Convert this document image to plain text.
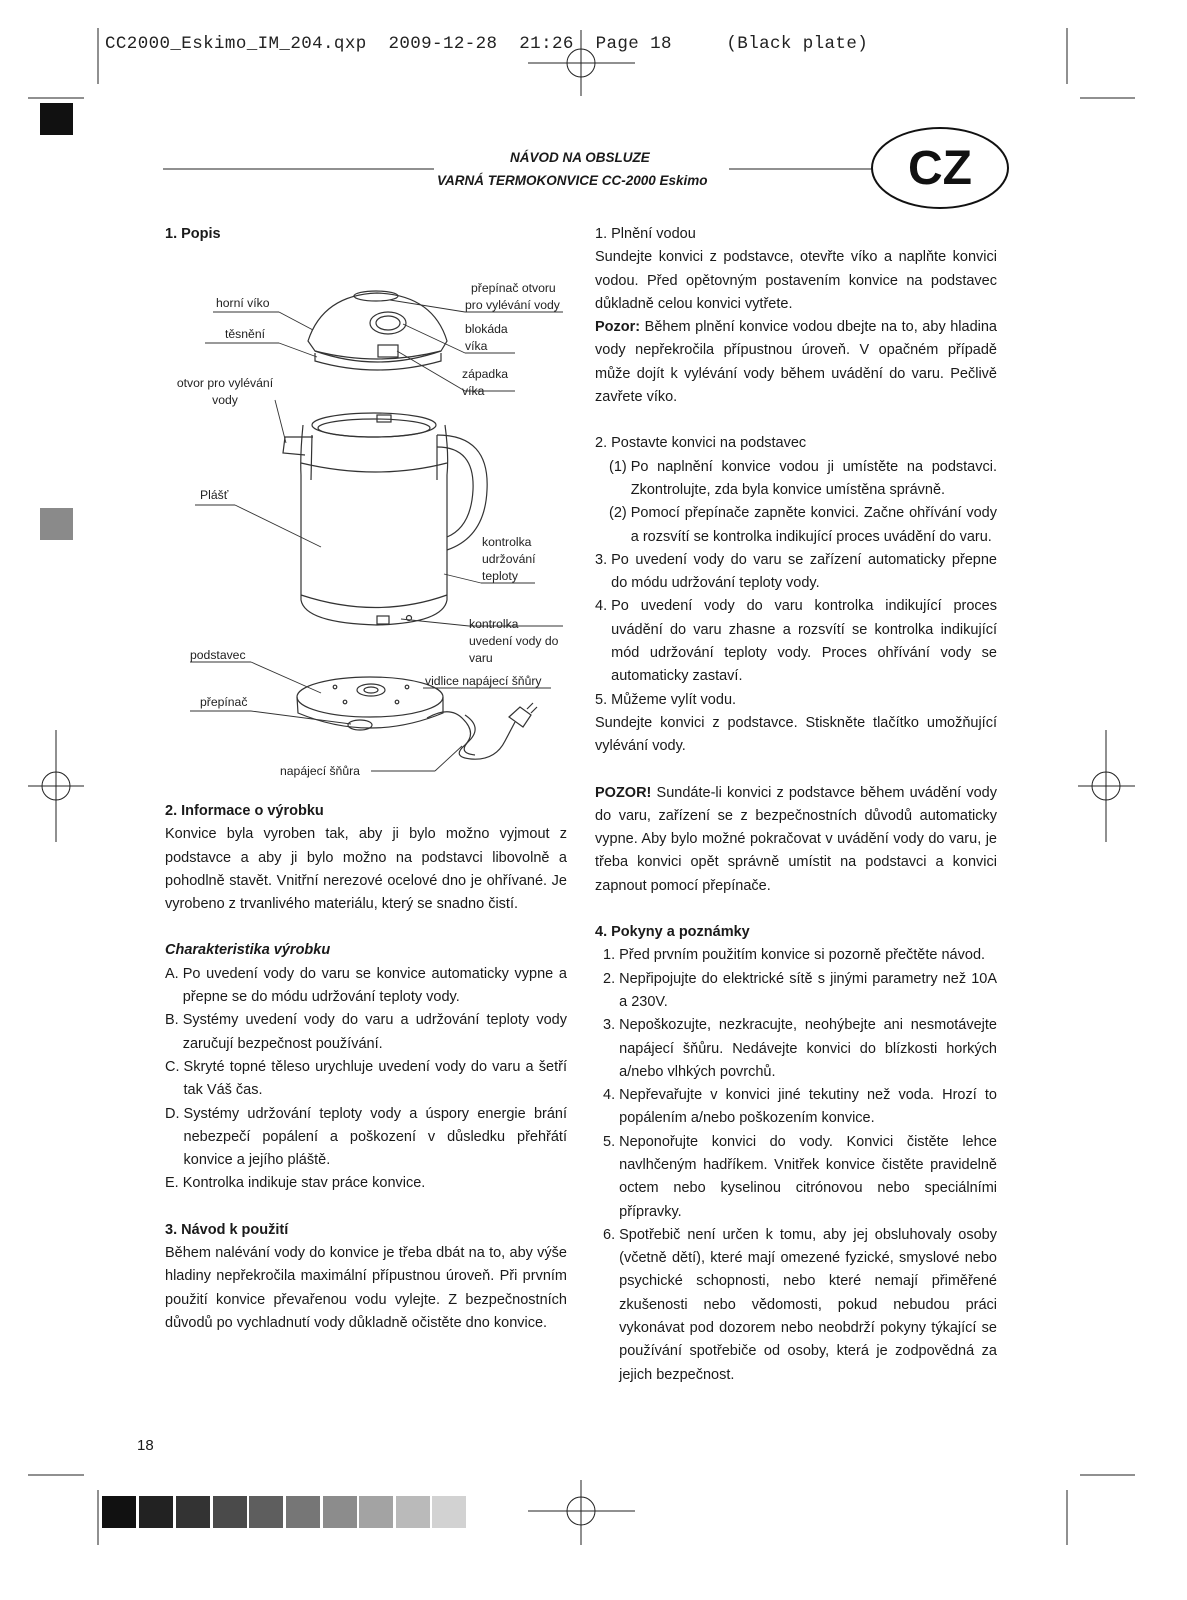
CC2000_Eskimo_IM_204.qxp  2009-12-28  21:26  Page 18     (Black plate)
NÁVOD NA OBSLUZE
VARNÁ TERMOKONVICE CC-2000 Eskimo	CZ

1. Popis

horní víko
těsnění
otvor pro vylévání
vody
Plášť
přepínač otvoru
pro vylévání vody
blokáda
víka
západka
víka
kontrolka
udržování
teploty
kontrolka
uvedení vody do
varu
podstavec
vidlice napájecí šňůry
přepínač
napájecí šňůra

2. Informace o výrobku

Konvice byla vyroben tak, aby ji bylo možno vyjmout z podstavce a aby ji bylo možno na podstavci libovolně a pohodlně stavět. Vnitřní nerezové ocelové dno je ohřívané. Je vyrobeno z trvanlivého materiálu, který se snadno čistí.

Charakteristika výrobku

A. Po uvedení vody do varu se konvice automaticky vypne a přepne se do módu udržování teploty vody.
B. Systémy uvedení vody do varu a udržování teploty vody zaručují bezpečnost používání.
C. Skryté topné těleso urychluje uvedení vody do varu a šetří tak Váš čas.
D. Systémy udržování teploty vody a úspory energie brání nebezpečí popálení a poškození v důsledku přehřátí konvice a jejího pláště.
E. Kontrolka indikuje stav práce konvice.

3. Návod k použití

Během nalévání vody do konvice je třeba dbát na to, aby výše hladiny nepřekročila maximální přípustnou úroveň. Při prvním použití konvice převařenou vodu vylejte. Z bezpečnostních důvodů po vychladnutí vody důkladně očistěte dno konvice.

1. Plnění vodou

Sundejte konvici z podstavce, otevřte víko a naplňte konvici vodou. Před opětovným postavením konvice na podstavec důkladně celou konvici vytřete.

Pozor: Během plnění konvice vodou dbejte na to, aby hladina vody nepřekročila přípustnou úroveň. V opačném případě může dojít k vylévání vody během uvádění do varu. Pečlivě zavřete víko.

2. Postavte konvici na podstavec

(1) Po naplnění konvice vodou ji umístěte na podstavci. Zkontrolujte, zda byla konvice umístěna správně.
(2) Pomocí přepínače zapněte konvici. Začne ohřívání vody a rozsvítí se kontrolka indikující proces uvádění do varu.
3. Po uvedení vody do varu se zařízení automaticky přepne do módu udržování teploty vody.
4. Po uvedení vody do varu kontrolka indikující proces uvádění do varu zhasne a rozsvítí se kontrolka indikující mód udržování teploty vody. Proces ohřívání vody se automaticky zastaví.
5. Můžeme vylít vodu.

Sundejte konvici z podstavce. Stiskněte tlačítko umožňující vylévání vody.

POZOR! Sundáte-li konvici z podstavce během uvádění vody do varu, zařízení se z bezpečnostních důvodů automaticky vypne. Aby bylo možné pokračovat v uvádění vody do varu, je třeba konvici opět správně umístit na podstavci a konvici zapnout pomocí přepínače.

4. Pokyny a poznámky

1. Před prvním použitím konvice si pozorně přečtěte návod.
2. Nepřipojujte do elektrické sítě s jinými parametry než 10A a 230V.
3. Nepoškozujte, nezkracujte, neohýbejte ani nesmotávejte napájecí šňůru. Nedávejte konvici do blízkosti horkých a/nebo vlhkých povrchů.
4. Nepřevařujte v konvici jiné tekutiny než voda. Hrozí to popálením a/nebo poškozením konvice.
5. Neponořujte konvici do vody. Konvici čistěte lehce navlhčeným hadříkem. Vnitřek konvice čistěte pravidelně octem nebo kyselinou citrónovou nebo speciálními přípravky.
6. Spotřebič není určen k tomu, aby jej obsluhovaly osoby (včetně dětí), které mají omezené fyzické, smyslové nebo psychické schopnosti, nebo které nemají přiměřené zkušenosti nebo vědomosti, pokud nebudou práci vykonávat pod dozorem nebo neobdrží pokyny týkající se používání spotřebiče od osoby, která je zodpovědná za jejich bezpečnost.
18
